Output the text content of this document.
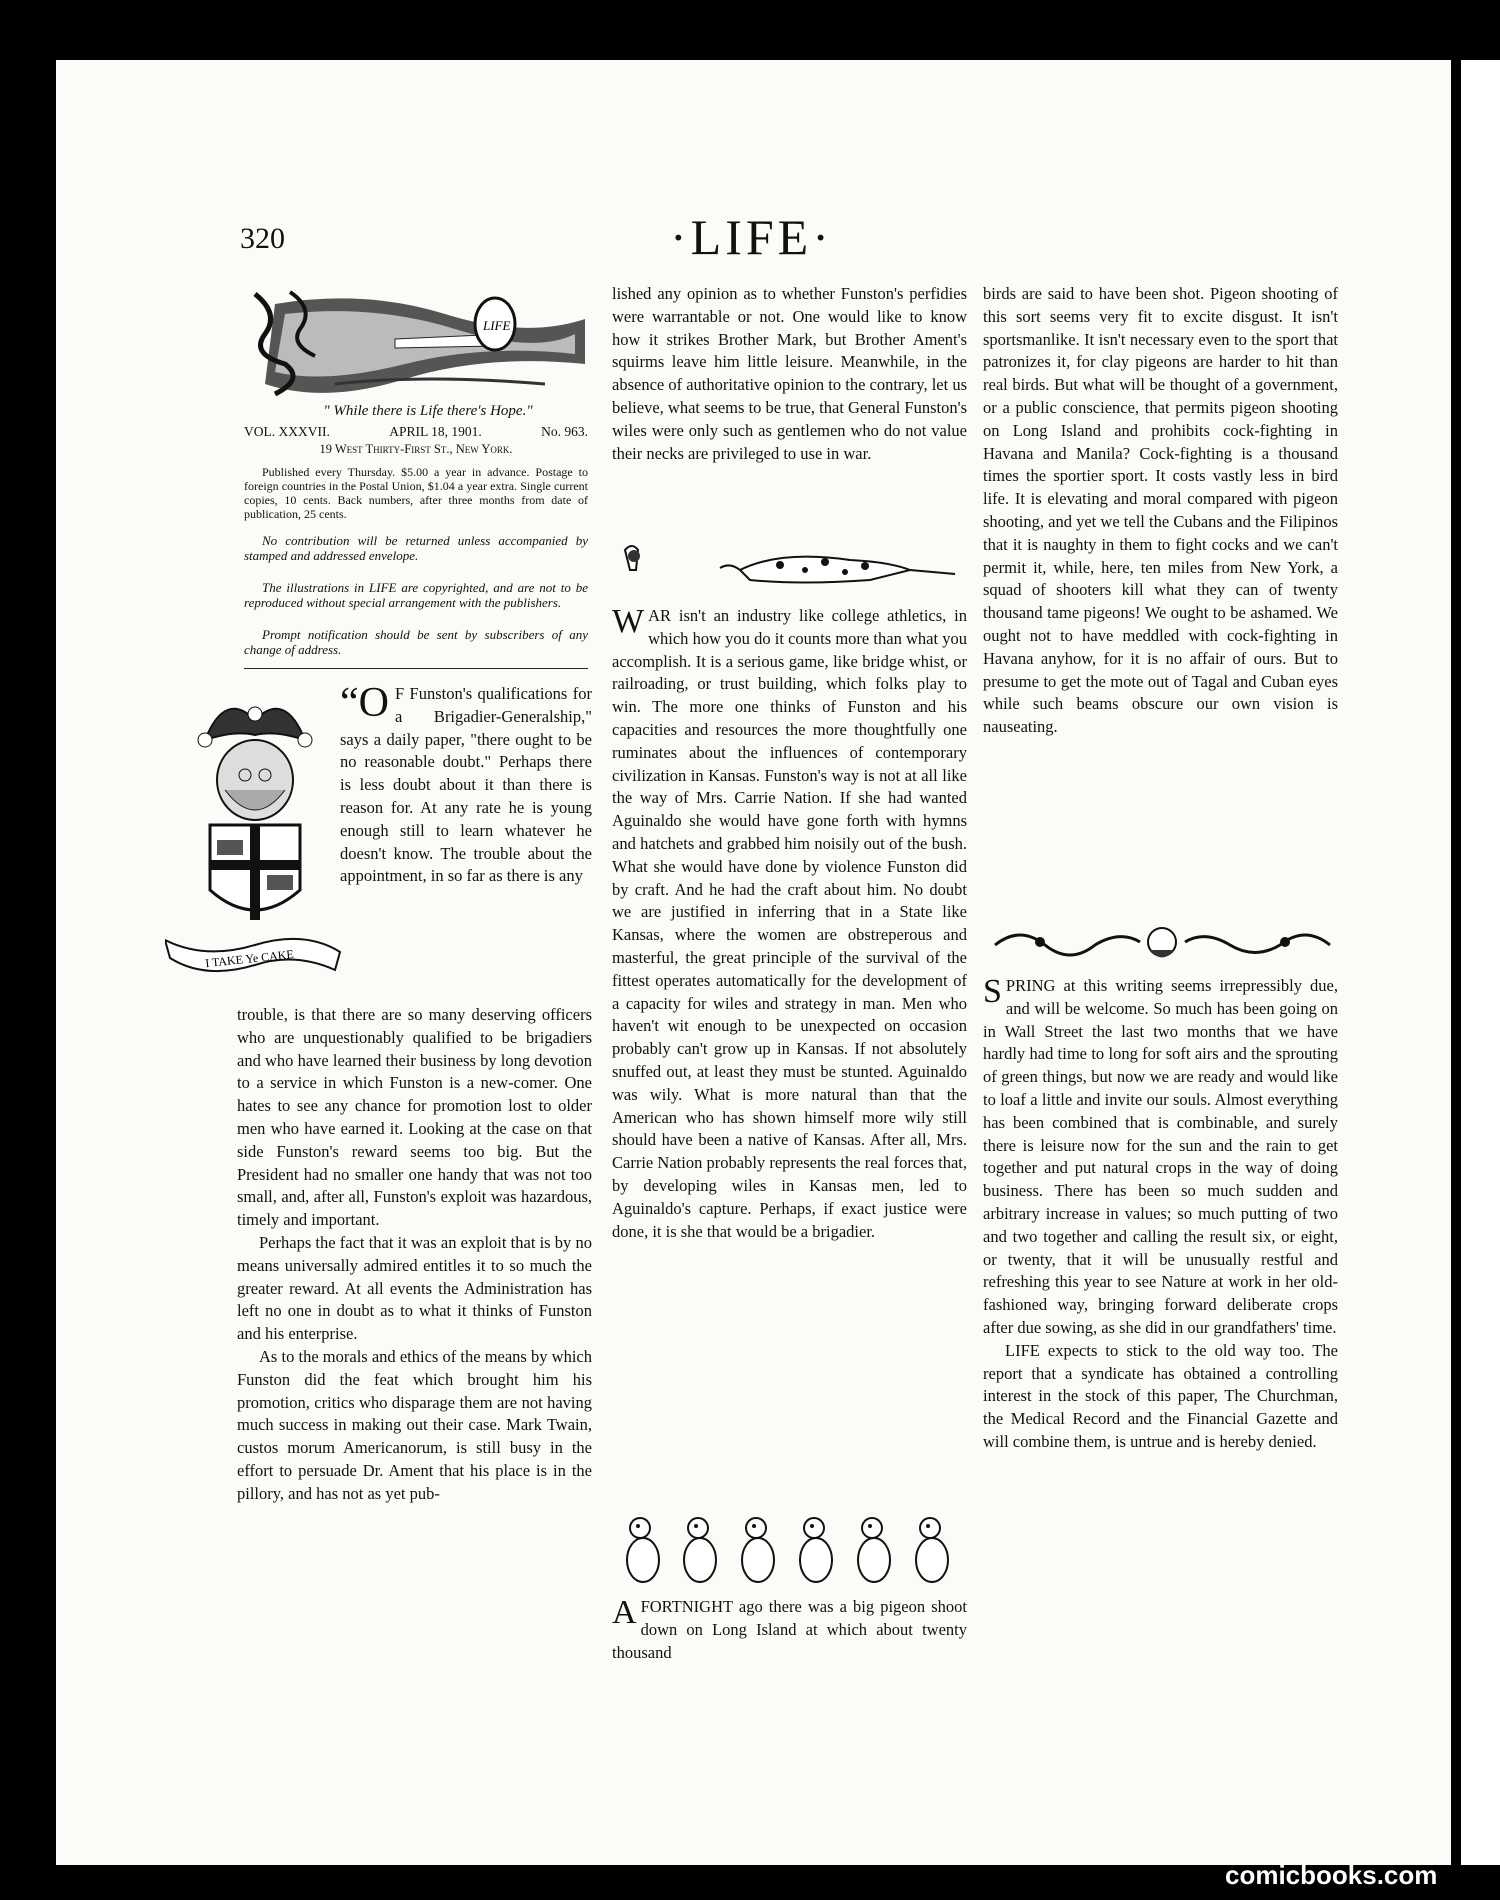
320	·LIFE·
LIFE
" While there is Life there's Hope."
VOL. XXXVII.	APRIL 18, 1901.	No. 963.
19 West Thirty-First St., New York.
Published every Thursday. $5.00 a year in advance. Postage to foreign countries in the Postal Union, $1.04 a year extra. Single current copies, 10 cents. Back numbers, after three months from date of publication, 25 cents.
No contribution will be returned unless accompanied by stamped and addressed envelope.
The illustrations in LIFE are copyrighted, and are not to be reproduced without special arrangement with the publishers.
Prompt notification should be sent by subscribers of any change of address.
I TAKE Ye CAKE
“O F Funston's qualifications for a Brigadier-Generalship," says a daily paper, "there ought to be no reasonable doubt." Perhaps there is less doubt about it than there is reason for. At any rate he is young enough still to learn whatever he doesn't know. The trouble about the appointment, in so far as there is any

trouble, is that there are so many deserving officers who are unquestionably qualified to be brigadiers and who have learned their business by long devotion to a service in which Funston is a new-comer. One hates to see any chance for promotion lost to older men who have earned it. Looking at the case on that side Funston's reward seems too big. But the President had no smaller one handy that was not too small, and, after all, Funston's exploit was hazardous, timely and important.

Perhaps the fact that it was an exploit that is by no means universally admired entitles it to so much the greater reward. At all events the Administration has left no one in doubt as to what it thinks of Funston and his enterprise.

As to the morals and ethics of the means by which Funston did the feat which brought him his promotion, critics who disparage them are not having much success in making out their case. Mark Twain, custos morum Americanorum, is still busy in the effort to persuade Dr. Ament that his place is in the pillory, and has not as yet pub-

lished any opinion as to whether Funston's perfidies were warrantable or not. One would like to know how it strikes Brother Mark, but Brother Ament's squirms leave him little leisure. Meanwhile, in the absence of authoritative opinion to the contrary, let us believe, what seems to be true, that General Funston's wiles were only such as gentlemen who do not value their necks are privileged to use in war.
WAR isn't an industry like college athletics, in which how you do it counts more than what you accomplish. It is a serious game, like bridge whist, or railroading, or trust building, which folks play to win. The more one thinks of Funston and his capacities and resources the more thoughtfully one ruminates about the influences of contemporary civilization in Kansas. Funston's way is not at all like the way of Mrs. Carrie Nation. If she had wanted Aguinaldo she would have gone forth with hymns and hatchets and grabbed him noisily out of the bush. What she would have done by violence Funston did by craft. And he had the craft about him. No doubt we are justified in inferring that in a State like Kansas, where the women are obstreperous and masterful, the great principle of the survival of the fittest operates automatically for the development of a capacity for wiles and strategy in man. Men who haven't wit enough to be unexpected on occasion probably can't grow up in Kansas. If not absolutely snuffed out, at least they must be stunted. Aguinaldo was wily. What is more natural than that the American who has shown himself more wily still should have been a native of Kansas. After all, Mrs. Carrie Nation probably represents the real forces that, by developing wiles in Kansas men, led to Aguinaldo's capture. Perhaps, if exact justice were done, it is she that would be a brigadier.
AFORTNIGHT ago there was a big pigeon shoot down on Long Island at which about twenty thousand
birds are said to have been shot. Pigeon shooting of this sort seems very fit to excite disgust. It isn't sportsmanlike. It isn't necessary even to the sport that patronizes it, for clay pigeons are harder to hit than real birds. But what will be thought of a government, or a public conscience, that permits pigeon shooting on Long Island and prohibits cock-fighting in Havana and Manila? Cock-fighting is a thousand times the sportier sport. It costs vastly less in bird life. It is elevating and moral compared with pigeon shooting, and yet we tell the Cubans and the Filipinos that it is naughty in them to fight cocks and we can't permit it, while, here, ten miles from New York, a squad of shooters kill what they can of twenty thousand tame pigeons! We ought to be ashamed. We ought not to have meddled with cock-fighting in Havana anyhow, for it is no affair of ours. But to presume to get the mote out of Tagal and Cuban eyes while such beams obscure our own vision is nauseating.

SPRING at this writing seems irrepressibly due, and will be welcome. So much has been going on in Wall Street the last two months that we have hardly had time to long for soft airs and the sprouting of green things, but now we are ready and would like to loaf a little and invite our souls. Almost everything has been combined that is combinable, and surely there is leisure now for the sun and the rain to get together and put natural crops in the way of doing business. There has been so much sudden and arbitrary increase in values; so much putting of two and two together and calling the result six, or eight, or twenty, that it will be unusually restful and refreshing this year to see Nature at work in her old-fashioned way, bringing forward deliberate crops after due sowing, as she did in our grandfathers' time.

LIFE expects to stick to the old way too. The report that a syndicate has obtained a controlling interest in the stock of this paper, The Churchman, the Medical Record and the Financial Gazette and will combine them, is untrue and is hereby denied.

comicbooks.com
